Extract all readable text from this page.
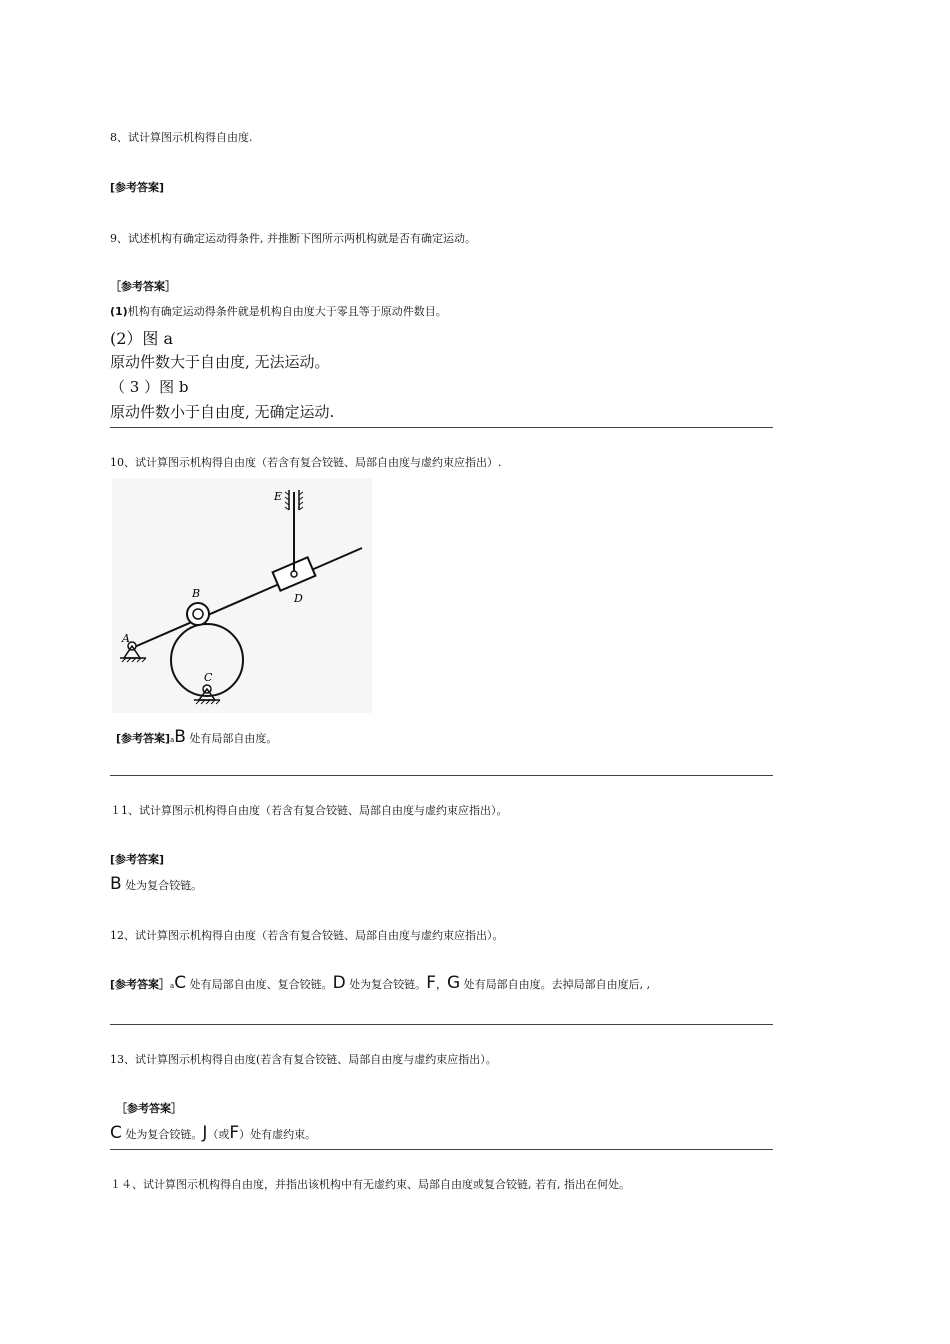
8、试计算图示机构得自由度.
[参考答案]
9、试述机构有确定运动得条件, 并推断下图所示两机构就是否有确定运动。
［参考答案］
(1)机构有确定运动得条件就是机构自由度大于零且等于原动件数目。
(2）图 a
原动件数大于自由度, 无法运动。
（ 3 ）图 b
原动件数小于自由度, 无确定运动.
10、试计算图示机构得自由度（若含有复合铰链、局部自由度与虚约束应指出）.
A
B
C
D
E
[参考答案]aB 处有局部自由度。
１1、试计算图示机构得自由度（若含有复合铰链、局部自由度与虚约束应指出）。
[参考答案]
B 处为复合铰链。
12、试计算图示机构得自由度（若含有复合铰链、局部自由度与虚约束应指出）。
[参考答案］aC 处有局部自由度、复合铰链。D 处为复合铰链。F，G 处有局部自由度。去掉局部自由度后, ,
13、试计算图示机构得自由度(若含有复合铰链、局部自由度与虚约束应指出）。
［参考答案］
C 处为复合铰链。J（或F）处有虚约束。
１４、试计算图示机构得自由度，并指出该机构中有无虚约束、局部自由度或复合铰链, 若有, 指出在何处。
